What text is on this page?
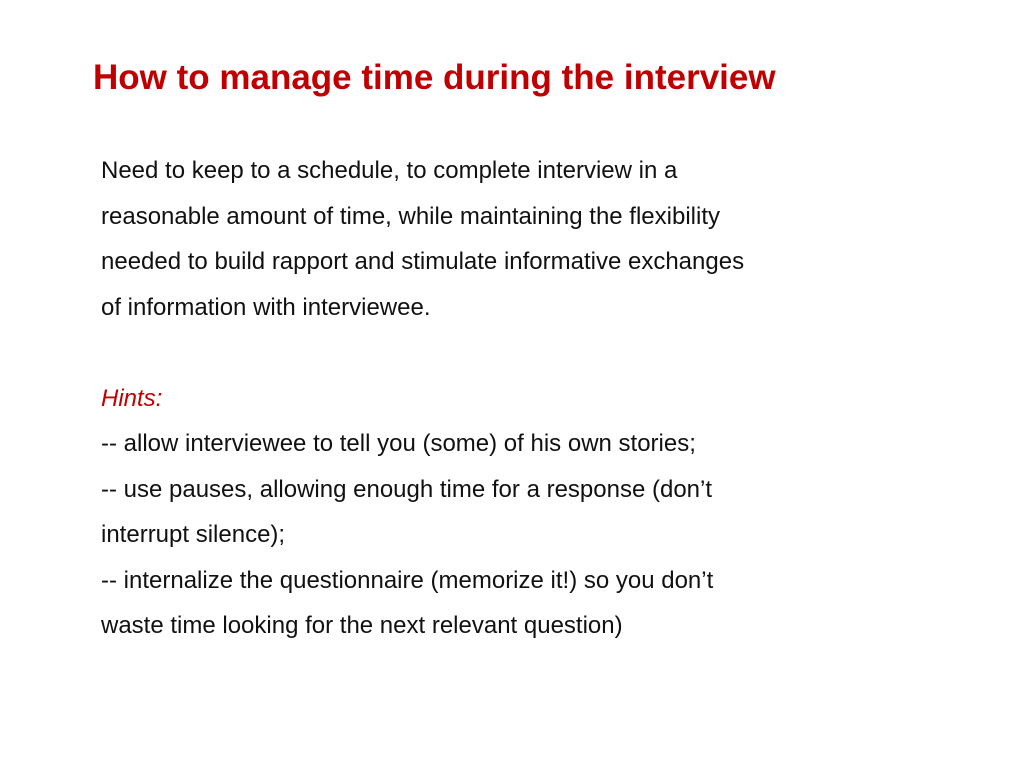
How to manage time during the interview
Need to keep to a schedule, to complete interview in a
reasonable amount of time, while maintaining the flexibility
needed to build rapport and stimulate informative exchanges
of information with interviewee.
Hints:
-- allow interviewee to tell you (some) of his own stories;
-- use pauses, allowing enough time for a response (don’t
interrupt silence);
-- internalize the questionnaire (memorize it!) so you don’t
waste time looking for the next relevant question)
